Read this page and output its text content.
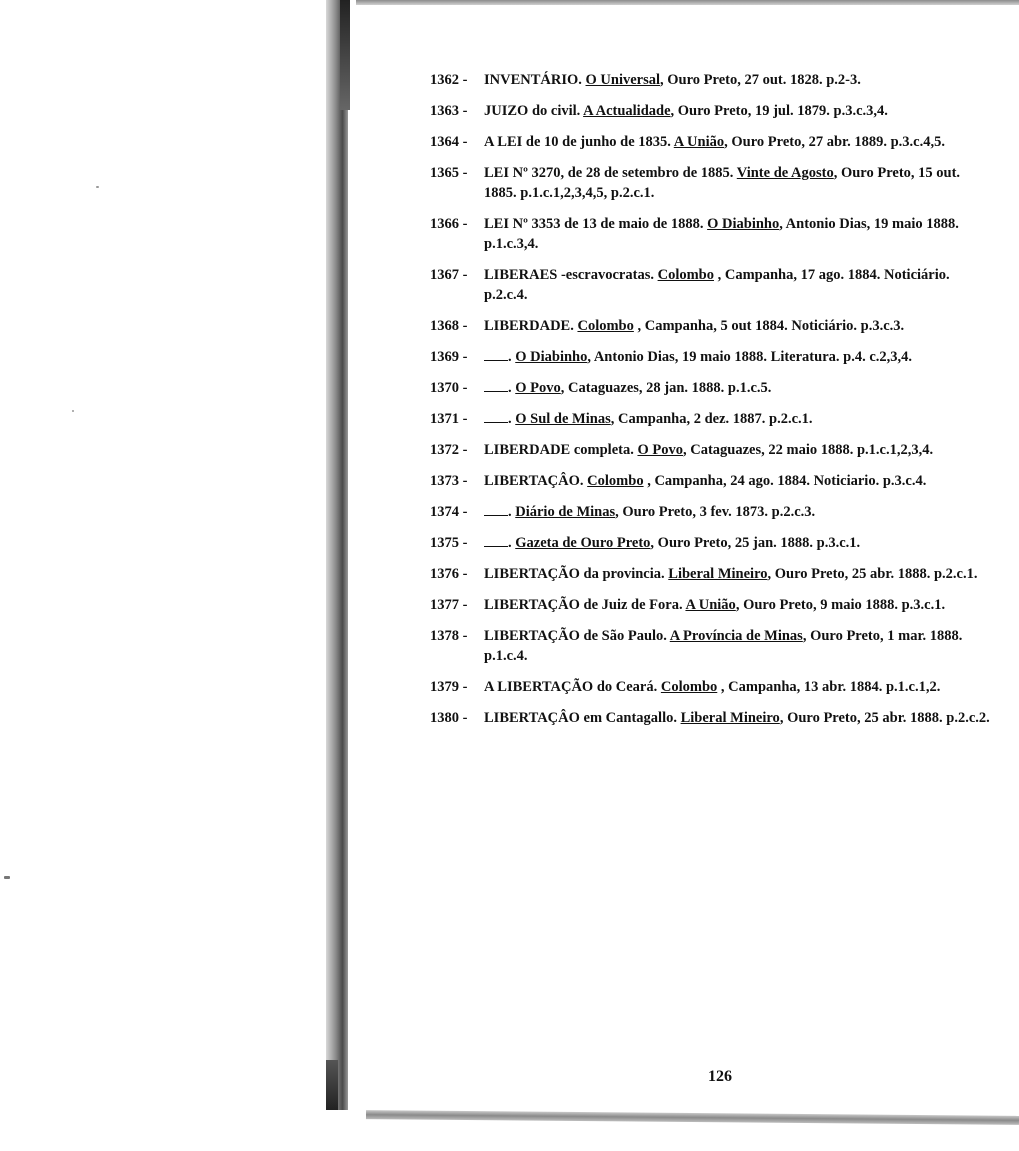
1362 - INVENTÁRIO. O Universal, Ouro Preto, 27 out. 1828. p.2-3.
1363 - JUIZO do civil. A Actualidade, Ouro Preto, 19 jul. 1879. p.3.c.3,4.
1364 - A LEI de 10 de junho de 1835. A União, Ouro Preto, 27 abr. 1889. p.3.c.4,5.
1365 - LEI Nº 3270, de 28 de setembro de 1885. Vinte de Agosto, Ouro Preto, 15 out. 1885. p.1.c.1,2,3,4,5, p.2.c.1.
1366 - LEI Nº 3353 de 13 de maio de 1888. O Diabinho, Antonio Dias, 19 maio 1888. p.1.c.3,4.
1367 - LIBERAES -escravocratas. Colombo , Campanha, 17 ago. 1884. Noticiário. p.2.c.4.
1368 - LIBERDADE. Colombo , Campanha, 5 out 1884. Noticiário. p.3.c.3.
1369 -	. O Diabinho, Antonio Dias, 19 maio 1888. Literatura. p.4. c.2,3,4.
1370 -	. O Povo, Cataguazes, 28 jan. 1888. p.1.c.5.
1371 -	. O Sul de Minas, Campanha, 2 dez. 1887. p.2.c.1.
1372 - LIBERDADE completa. O Povo, Cataguazes, 22 maio 1888. p.1.c.1,2,3,4.
1373 - LIBERTAÇÂO. Colombo , Campanha, 24 ago. 1884. Noticiario. p.3.c.4.
1374 -	. Diário de Minas, Ouro Preto, 3 fev. 1873. p.2.c.3.
1375 -	. Gazeta de Ouro Preto, Ouro Preto, 25 jan. 1888. p.3.c.1.
1376 - LIBERTAÇÃO da provincia. Liberal Mineiro, Ouro Preto, 25 abr. 1888. p.2.c.1.
1377 - LIBERTAÇÃO de Juiz de Fora. A União, Ouro Preto, 9 maio 1888. p.3.c.1.
1378 - LIBERTAÇÃO de São Paulo. A Província de Minas, Ouro Preto, 1 mar. 1888. p.1.c.4.
1379 - A LIBERTAÇÃO do Ceará. Colombo , Campanha, 13 abr. 1884. p.1.c.1,2.
1380 - LIBERTAÇÂO em Cantagallo. Liberal Mineiro, Ouro Preto, 25 abr. 1888. p.2.c.2.
126
